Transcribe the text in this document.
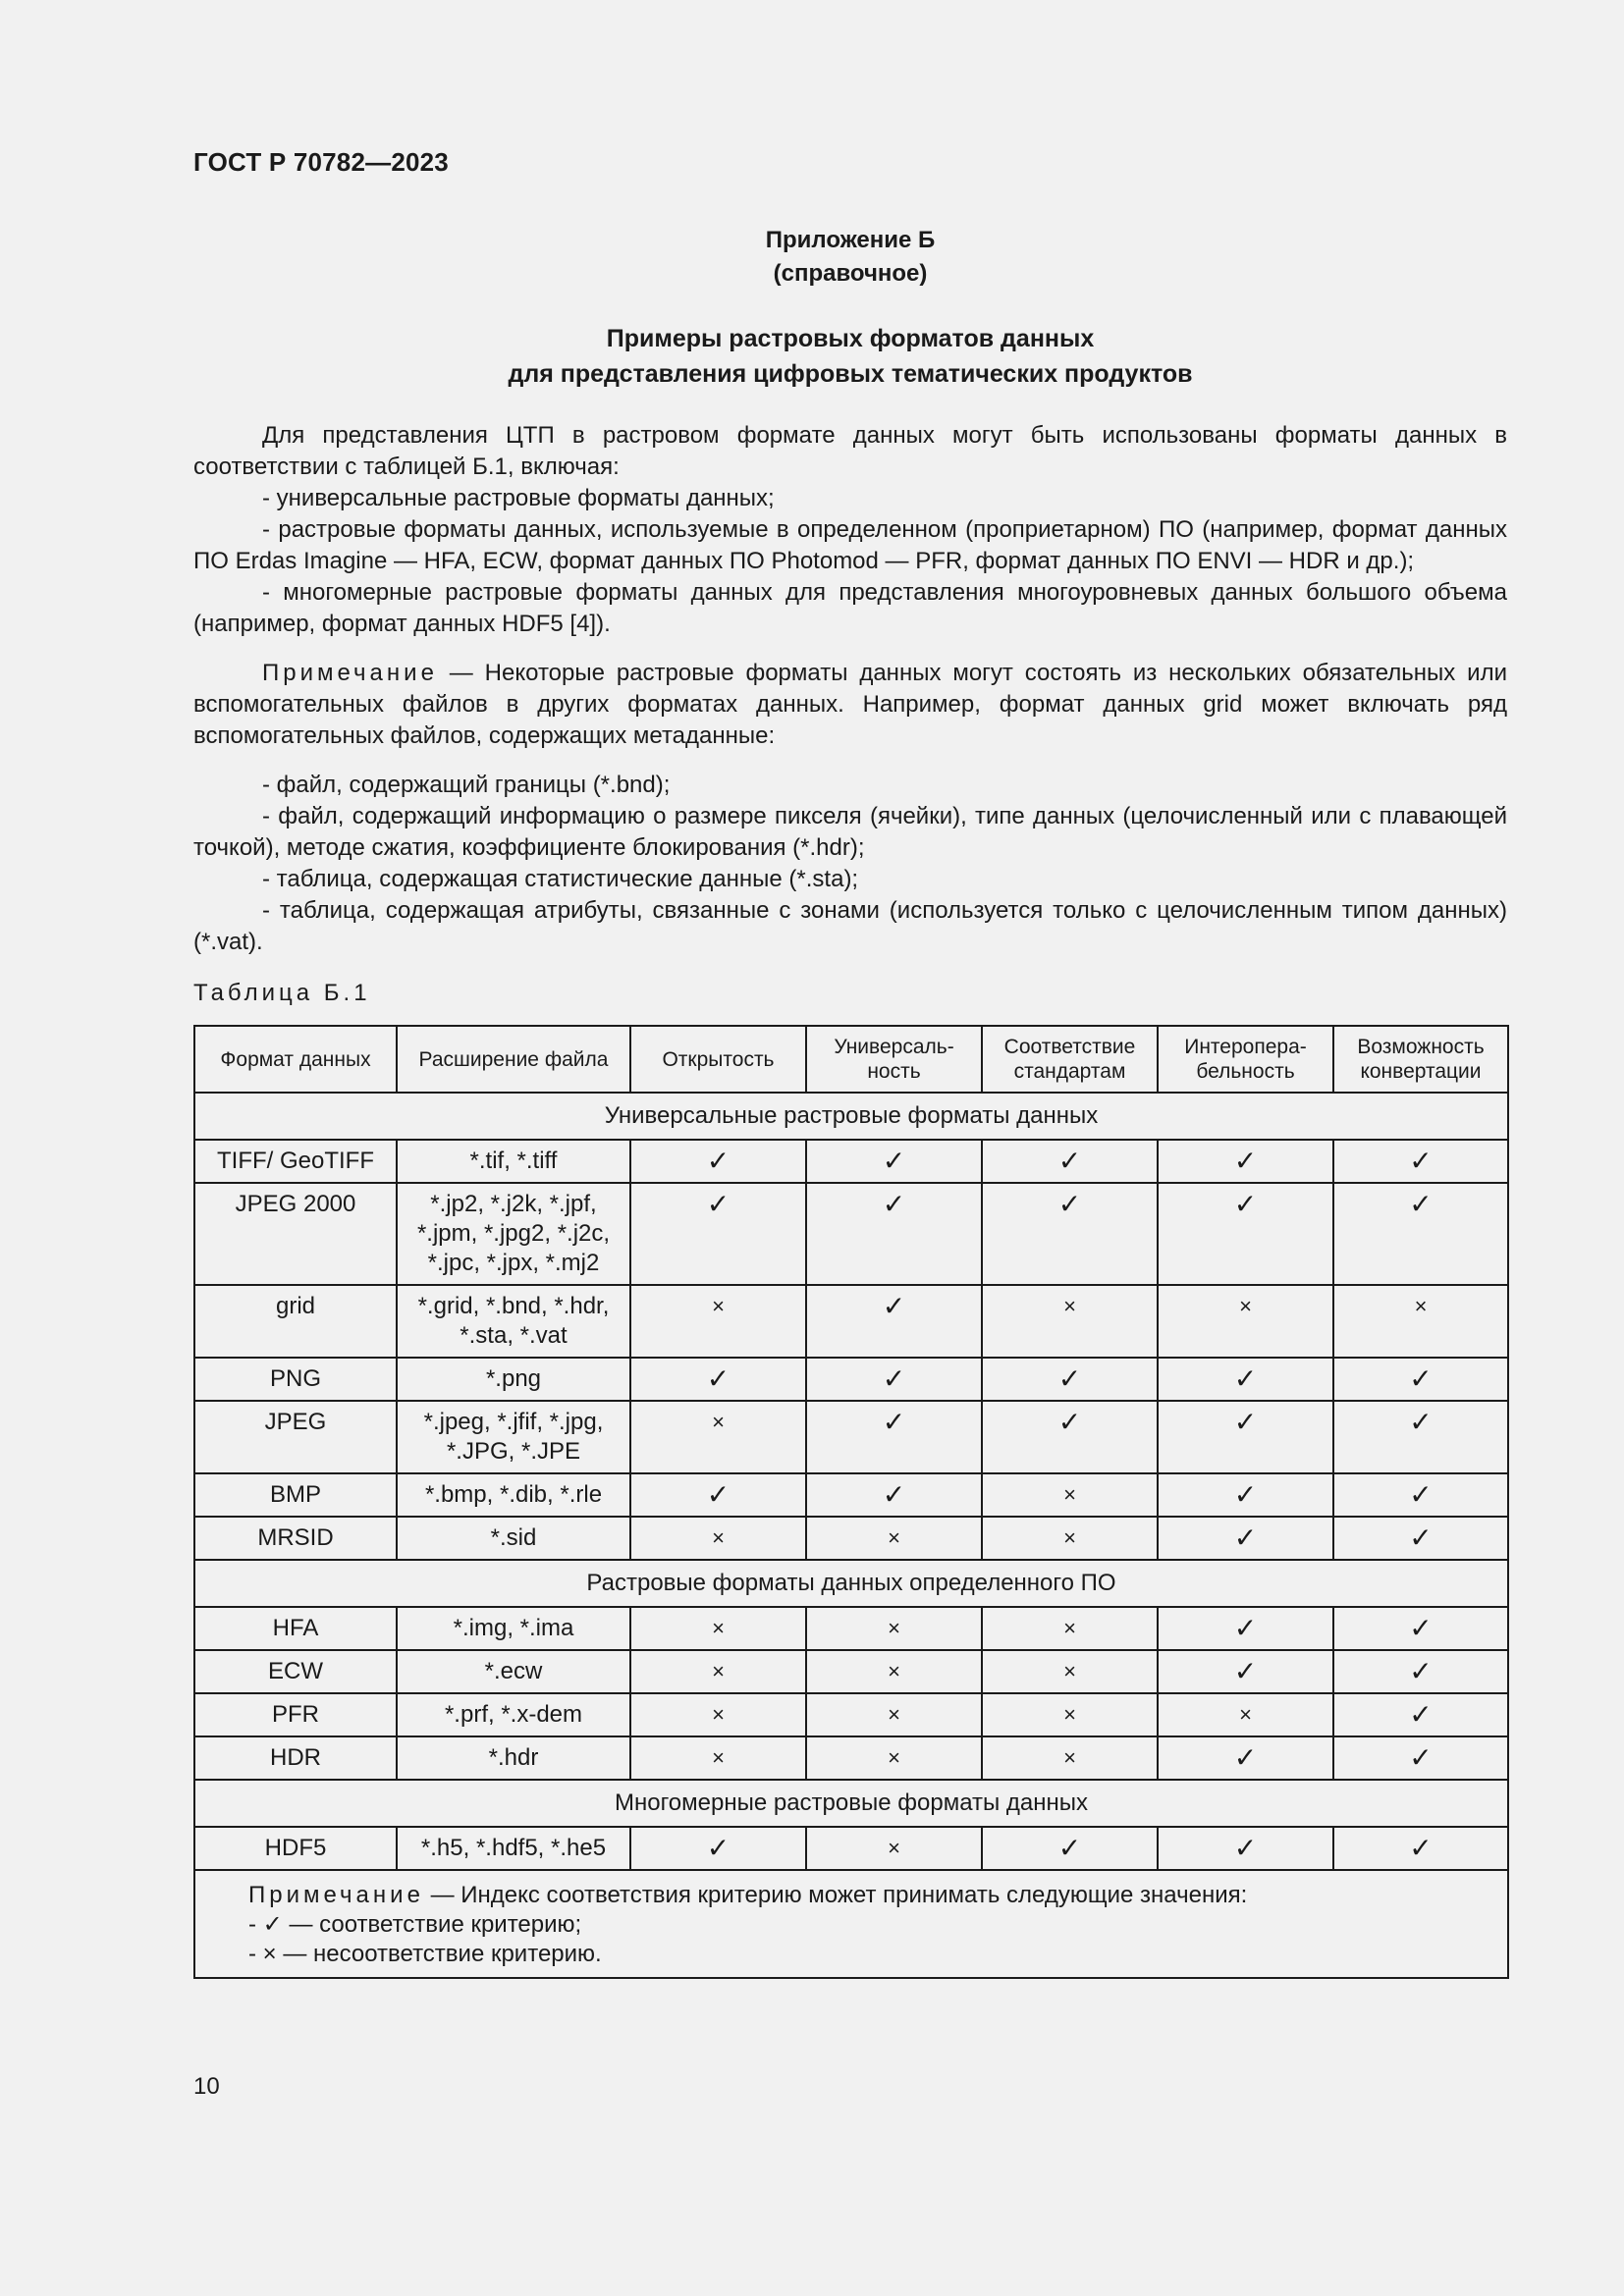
ГОСТ Р 70782—2023
Приложение Б
(справочное)
Примеры растровых форматов данных
для представления цифровых тематических продуктов

Для представления ЦТП в растровом формате данных могут быть использованы форматы данных в соответствии с таблицей Б.1, включая:

- универсальные растровые форматы данных;

- растровые форматы данных, используемые в определенном (проприетарном) ПО (например, формат данных ПО Erdas Imagine — HFA, ECW, формат данных ПО Photomod — PFR, формат данных ПО ENVI — HDR и др.);

- многомерные растровые форматы данных для представления многоуровневых данных большого объема (например, формат данных HDF5 [4]).

Примечание — Некоторые растровые форматы данных могут состоять из нескольких обязательных или вспомогательных файлов в других форматах данных. Например, формат данных grid может включать ряд вспомогательных файлов, содержащих метаданные:

- файл, содержащий границы (*.bnd);

- файл, содержащий информацию о размере пикселя (ячейки), типе данных (целочисленный или с плавающей точкой), методе сжатия, коэффициенте блокирования (*.hdr);

- таблица, содержащая статистические данные (*.sta);

- таблица, содержащая атрибуты, связанные с зонами (используется только с целочисленным типом данных) (*.vat).

Таблица Б.1
Формат данных	Расширение файла	Открытость	Универсаль-ность	Соответствие стандартам	Интеропера-бельность	Возможность конвертации
Универсальные растровые форматы данных						
TIFF/ GeoTIFF	*.tif, *.tiff	✓	✓	✓	✓	✓
JPEG 2000	*.jp2, *.j2k, *.jpf, *.jpm, *.jpg2, *.j2c, *.jpc, *.jpx, *.mj2	✓	✓	✓	✓	✓
grid	*.grid, *.bnd, *.hdr, *.sta, *.vat	×	✓	×	×	×
PNG	*.png	✓	✓	✓	✓	✓
JPEG	*.jpeg, *.jfif, *.jpg, *.JPG, *.JPE	×	✓	✓	✓	✓
BMP	*.bmp, *.dib, *.rle	✓	✓	×	✓	✓
MRSID	*.sid	×	×	×	✓	✓
Растровые форматы данных определенного ПО						
HFA	*.img, *.ima	×	×	×	✓	✓
ECW	*.ecw	×	×	×	✓	✓
PFR	*.prf, *.x-dem	×	×	×	×	✓
HDR	*.hdr	×	×	×	✓	✓
Многомерные растровые форматы данных						
HDF5	*.h5, *.hdf5, *.he5	✓	×	✓	✓	✓

Примечание — Индекс соответствия критерию может принимать следующие значения:
- ✓ — соответствие критерию;
- × — несоответствие критерию.						
10
